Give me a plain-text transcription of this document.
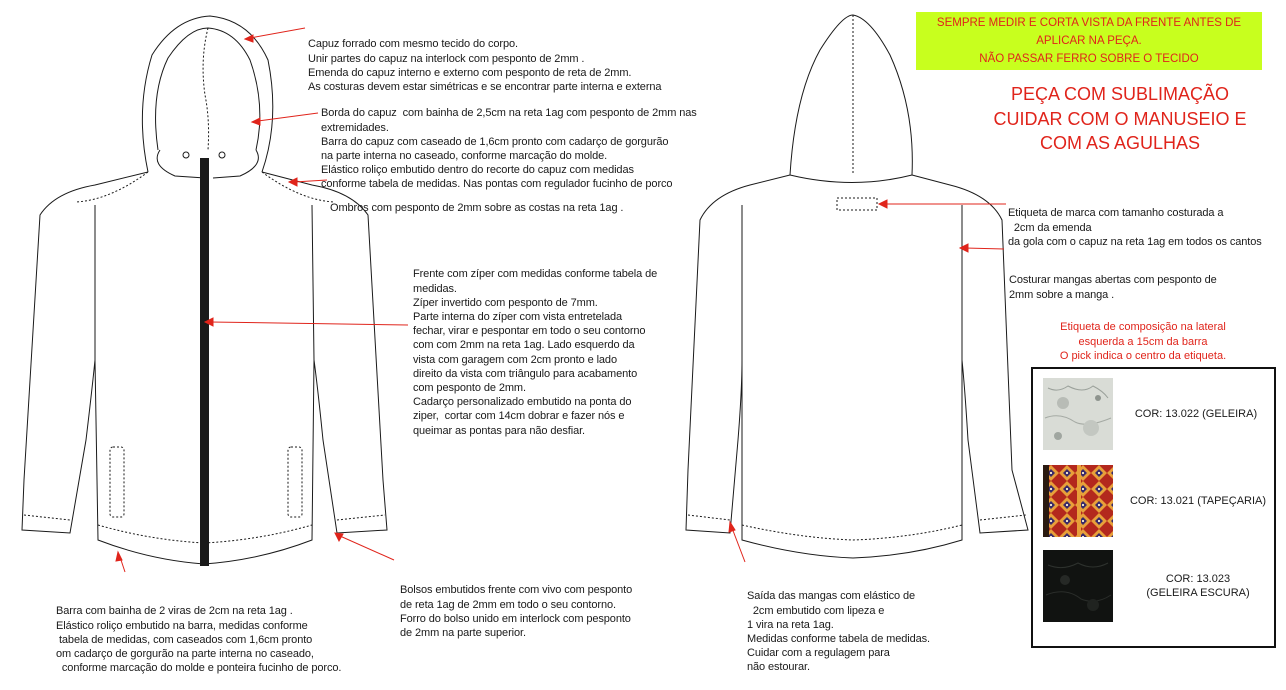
Capuz forrado com mesmo tecido do corpo.
Unir partes do capuz na interlock com pesponto de 2mm .
Emenda do capuz interno e externo com pesponto de reta de 2mm.
As costuras devem estar simétricas e se encontrar parte interna e externa

Borda do capuz  com bainha de 2,5cm na reta 1ag com pesponto de 2mm nas
extremidades.
Barra do capuz com caseado de 1,6cm pronto com cadarço de gorgurão
na parte interna no caseado, conforme marcação do molde.
Elástico roliço embutido dentro do recorte do capuz com medidas
conforme tabela de medidas. Nas pontas com regulador fucinho de porco

Ombros com pesponto de 2mm sobre as costas na reta 1ag .

Frente com zíper com medidas conforme tabela de
medidas.
Zíper invertido com pesponto de 7mm.
Parte interna do zíper com vista entretelada
fechar, virar e pespontar em todo o seu contorno
com com 2mm na reta 1ag. Lado esquerdo da
vista com garagem com 2cm pronto e lado
direito da vista com triângulo para acabamento
com pesponto de 2mm.
Cadarço personalizado embutido na ponta do
ziper,  cortar com 14cm dobrar e fazer nós e
queimar as pontas para não desfiar.

Bolsos embutidos frente com vivo com pesponto
de reta 1ag de 2mm em todo o seu contorno.
Forro do bolso unido em interlock com pesponto
de 2mm na parte superior.

Barra com bainha de 2 viras de 2cm na reta 1ag .
Elástico roliço embutido na barra, medidas conforme
tabela de medidas, com caseados com 1,6cm pronto
om cadarço de gorgurão na parte interna no caseado,
conforme marcação do molde e ponteira fucinho de porco.

Etiqueta de marca com tamanho costurada a
2cm da emenda
da gola com o capuz na reta 1ag em todos os cantos

Costurar mangas abertas com pesponto de
2mm sobre a manga .

Saída das mangas com elástico de
2cm embutido com lipeza e
1 vira na reta 1ag.
Medidas conforme tabela de medidas.
Cuidar com a regulagem para
não estourar.

SEMPRE MEDIR E CORTA VISTA DA FRENTE ANTES DE APLICAR NA PEÇA.
NÃO PASSAR FERRO SOBRE O TECIDO
PEÇA COM SUBLIMAÇÃO
CUIDAR COM O MANUSEIO E
COM AS AGULHAS
Etiqueta de composição na lateral
esquerda a 15cm da barra
O pick indica o centro da etiqueta.
COR: 13.022 (GELEIRA)
COR: 13.021 (TAPEÇARIA)
COR: 13.023
(GELEIRA ESCURA)
